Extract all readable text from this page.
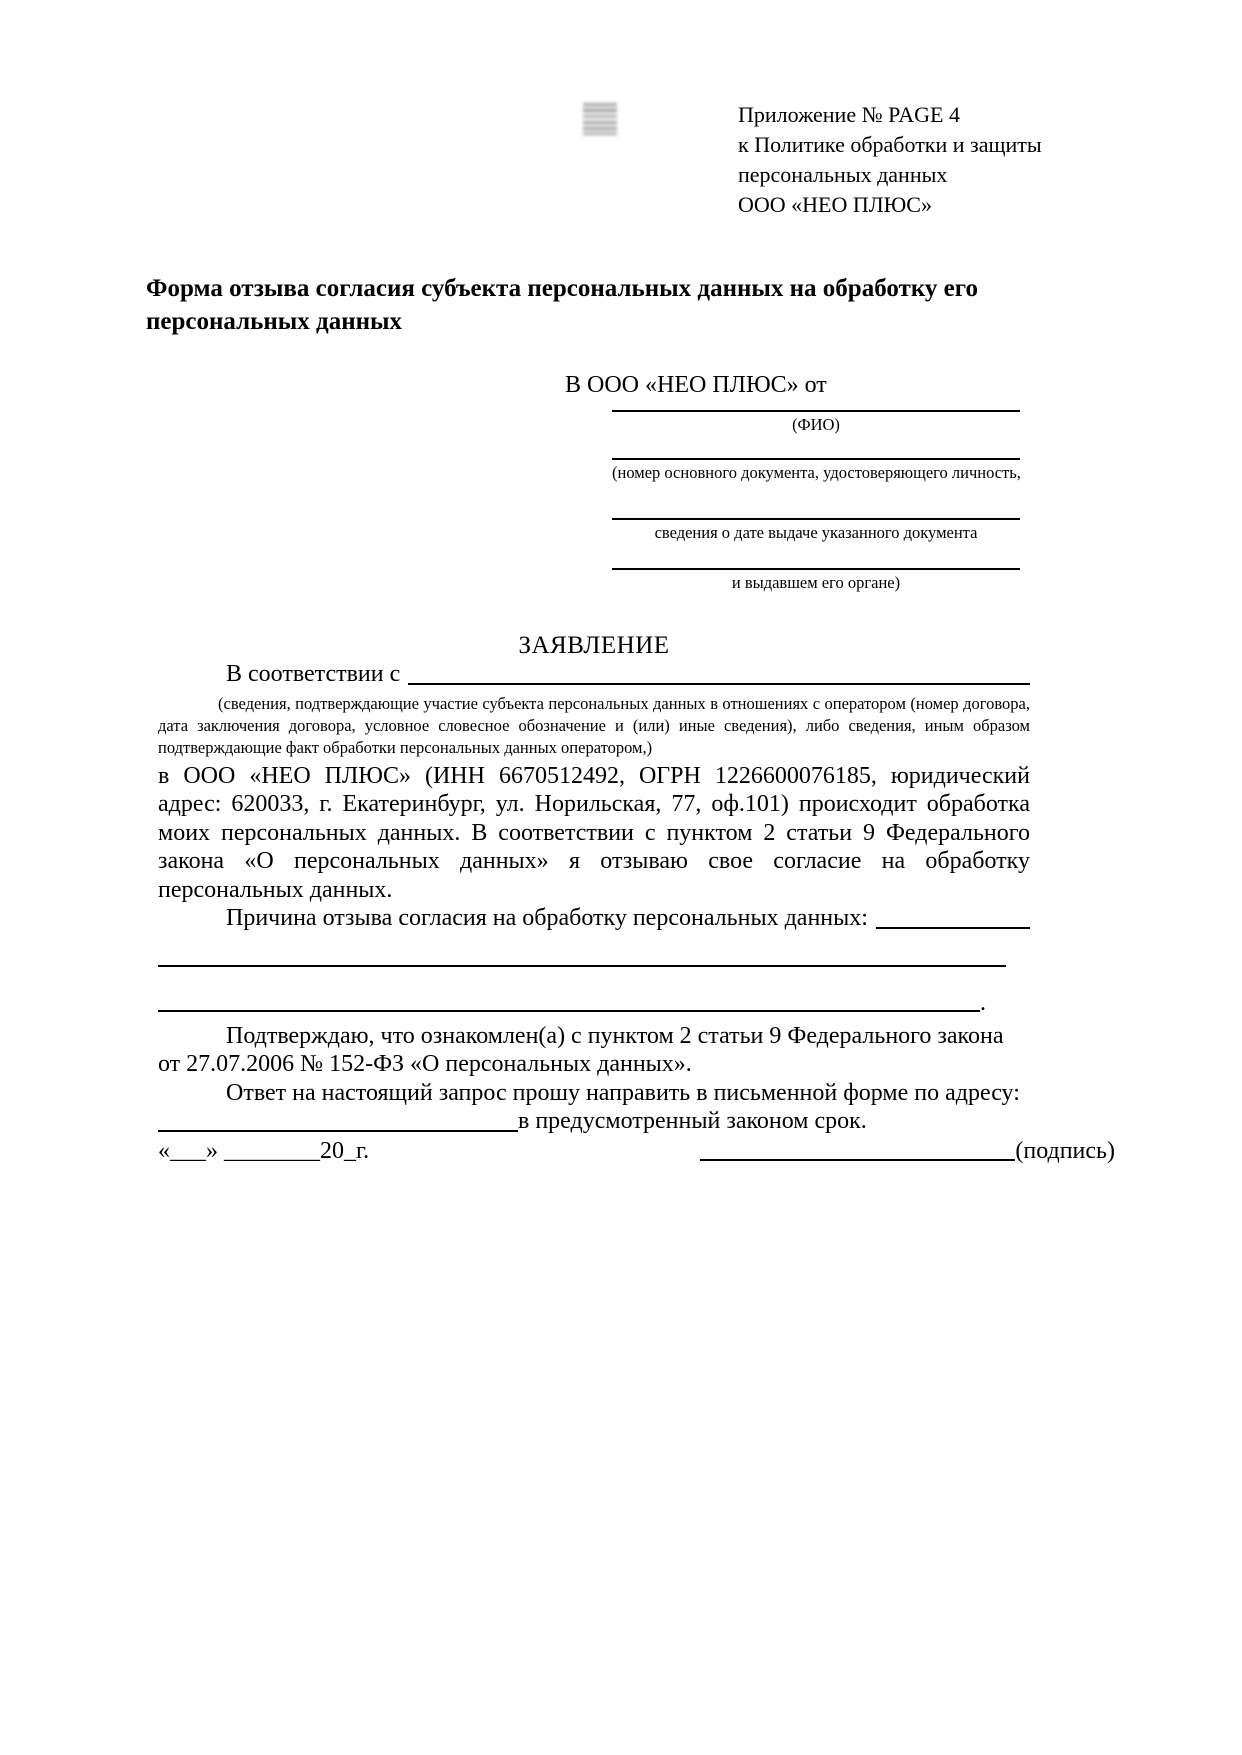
Приложение № PAGE 4
к Политике обработки и защиты
персональных данных
ООО «НЕО ПЛЮС»
Форма отзыва согласия субъекта персональных данных на обработку его персональных данных
В ООО «НЕО ПЛЮС» от
(ФИО)
(номер основного документа, удостоверяющего личность,
сведения о дате выдаче указанного документа
и выдавшем его органе)
ЗАЯВЛЕНИЕ
В соответствии с

(сведения, подтверждающие участие субъекта персональных данных в отношениях с оператором (номер договора, дата заключения договора, условное словесное обозначение и (или) иные сведения), либо сведения, иным образом подтверждающие факт обработки персональных данных оператором,)

в ООО «НЕО ПЛЮС» (ИНН 6670512492, ОГРН 1226600076185, юридический адрес: 620033, г. Екатеринбург, ул. Норильская, 77, оф.101) происходит обработка моих персональных данных. В соответствии с пунктом 2 статьи 9 Федерального закона «О персональных данных» я отзываю свое согласие на обработку персональных данных.

Причина отзыва согласия на обработку персональных данных:
.

Подтверждаю, что ознакомлен(а) с пунктом 2 статьи 9 Федерального закона от 27.07.2006 № 152-ФЗ «О персональных данных».

Ответ на настоящий запрос прошу направить в письменной форме по адресу:

в предусмотренный законом срок.
«___» ________20_г.	(подпись)
